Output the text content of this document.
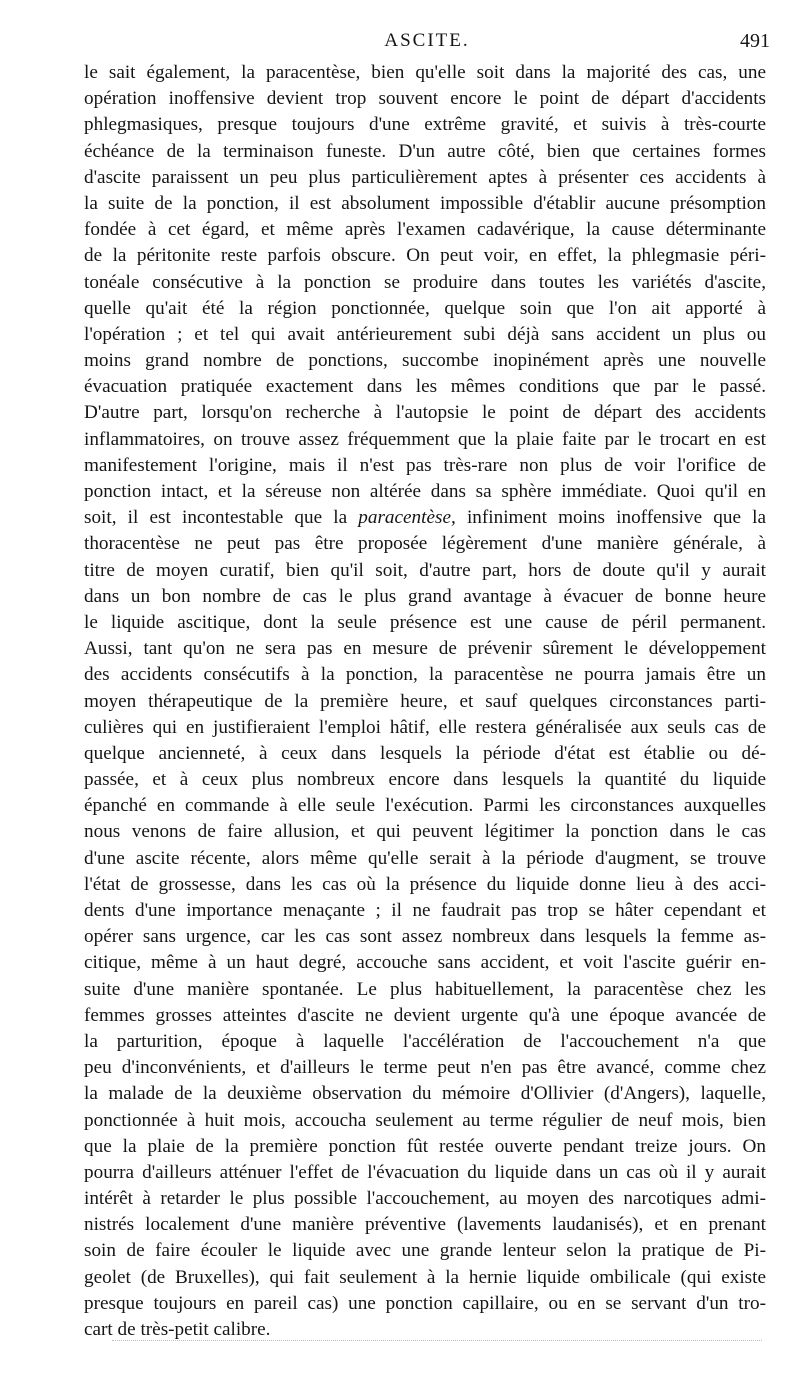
ASCITE.	491
le sait également, la paracentèse, bien qu'elle soit dans la majorité des cas, une
opération inoffensive devient trop souvent encore le point de départ d'accidents
phlegmasiques, presque toujours d'une extrême gravité, et suivis à très-courte
échéance de la terminaison funeste. D'un autre côté, bien que certaines formes
d'ascite paraissent un peu plus particulièrement aptes à présenter ces accidents à
la suite de la ponction, il est absolument impossible d'établir aucune présomption
fondée à cet égard, et même après l'examen cadavérique, la cause déterminante
de la péritonite reste parfois obscure. On peut voir, en effet, la phlegmasie péri-
tonéale consécutive à la ponction se produire dans toutes les variétés d'ascite,
quelle qu'ait été la région ponctionnée, quelque soin que l'on ait apporté à
l'opération ; et tel qui avait antérieurement subi déjà sans accident un plus ou
moins grand nombre de ponctions, succombe inopinément après une nouvelle
évacuation pratiquée exactement dans les mêmes conditions que par le passé.
D'autre part, lorsqu'on recherche à l'autopsie le point de départ des accidents
inflammatoires, on trouve assez fréquemment que la plaie faite par le trocart en est
manifestement l'origine, mais il n'est pas très-rare non plus de voir l'orifice de
ponction intact, et la séreuse non altérée dans sa sphère immédiate. Quoi qu'il en
soit, il est incontestable que la paracentèse, infiniment moins inoffensive que la
thoracentèse ne peut pas être proposée légèrement d'une manière générale, à
titre de moyen curatif, bien qu'il soit, d'autre part, hors de doute qu'il y aurait
dans un bon nombre de cas le plus grand avantage à évacuer de bonne heure
le liquide ascitique, dont la seule présence est une cause de péril permanent.
Aussi, tant qu'on ne sera pas en mesure de prévenir sûrement le développement
des accidents consécutifs à la ponction, la paracentèse ne pourra jamais être un
moyen thérapeutique de la première heure, et sauf quelques circonstances parti-
culières qui en justifieraient l'emploi hâtif, elle restera généralisée aux seuls cas de
quelque ancienneté, à ceux dans lesquels la période d'état est établie ou dé-
passée, et à ceux plus nombreux encore dans lesquels la quantité du liquide
épanché en commande à elle seule l'exécution. Parmi les circonstances auxquelles
nous venons de faire allusion, et qui peuvent légitimer la ponction dans le cas
d'une ascite récente, alors même qu'elle serait à la période d'augment, se trouve
l'état de grossesse, dans les cas où la présence du liquide donne lieu à des acci-
dents d'une importance menaçante ; il ne faudrait pas trop se hâter cependant et
opérer sans urgence, car les cas sont assez nombreux dans lesquels la femme as-
citique, même à un haut degré, accouche sans accident, et voit l'ascite guérir en-
suite d'une manière spontanée. Le plus habituellement, la paracentèse chez les
femmes grosses atteintes d'ascite ne devient urgente qu'à une époque avancée de
la parturition, époque à laquelle l'accélération de l'accouchement n'a que
peu d'inconvénients, et d'ailleurs le terme peut n'en pas être avancé, comme chez
la malade de la deuxième observation du mémoire d'Ollivier (d'Angers), laquelle,
ponctionnée à huit mois, accoucha seulement au terme régulier de neuf mois, bien
que la plaie de la première ponction fût restée ouverte pendant treize jours. On
pourra d'ailleurs atténuer l'effet de l'évacuation du liquide dans un cas où il y aurait
intérêt à retarder le plus possible l'accouchement, au moyen des narcotiques admi-
nistrés localement d'une manière préventive (lavements laudanisés), et en prenant
soin de faire écouler le liquide avec une grande lenteur selon la pratique de Pi-
geolet (de Bruxelles), qui fait seulement à la hernie liquide ombilicale (qui existe
presque toujours en pareil cas) une ponction capillaire, ou en se servant d'un tro-
cart de très-petit calibre.
